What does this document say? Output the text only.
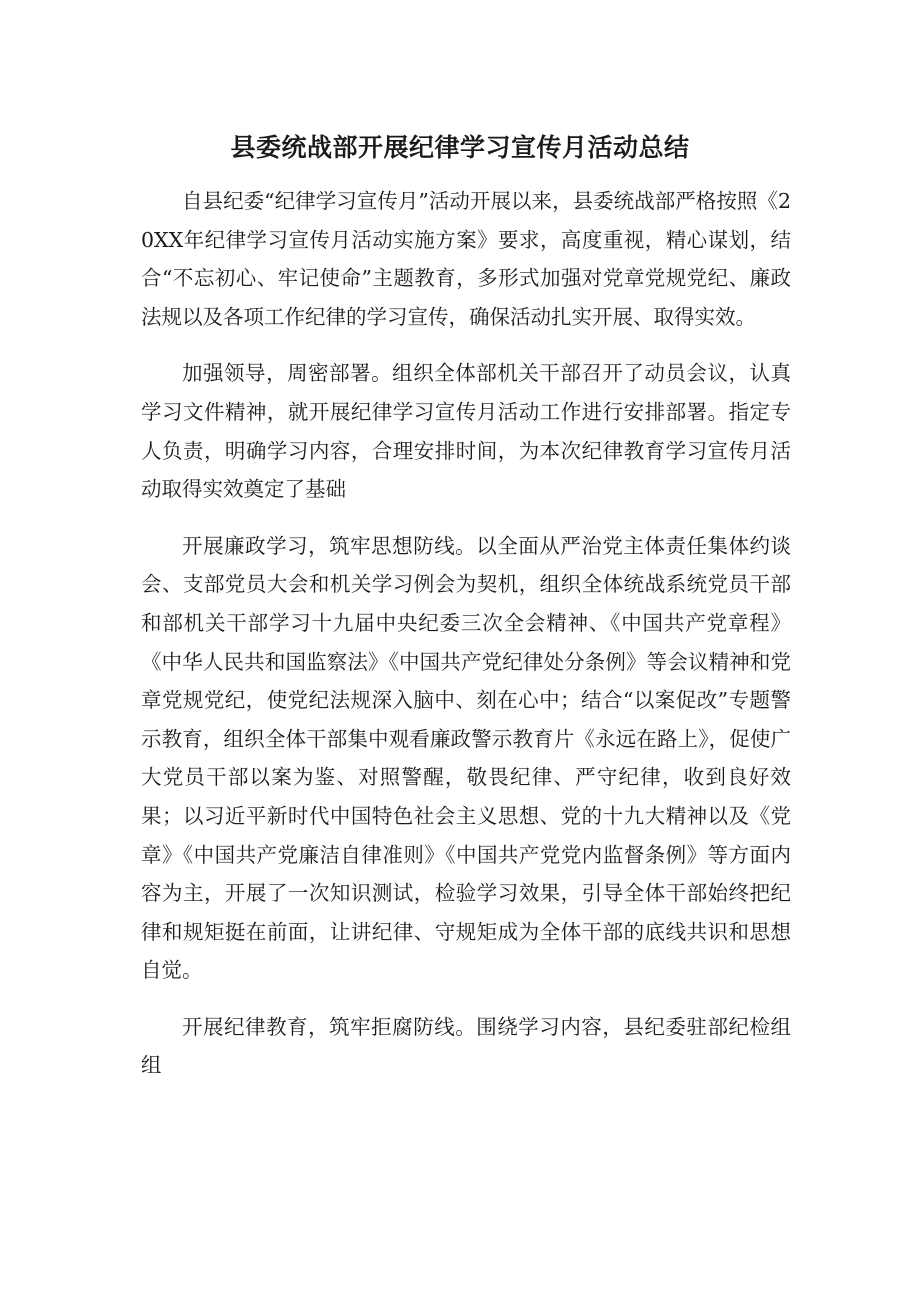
县委统战部开展纪律学习宣传月活动总结

自县纪委“纪律学习宣传月”活动开展以来，县委统战部严格按照《20XX年纪律学习宣传月活动实施方案》要求，高度重视，精心谋划，结合“不忘初心、牢记使命”主题教育，多形式加强对党章党规党纪、廉政法规以及各项工作纪律的学习宣传，确保活动扎实开展、取得实效。

加强领导，周密部署。组织全体部机关干部召开了动员会议，认真学习文件精神，就开展纪律学习宣传月活动工作进行安排部署。指定专人负责，明确学习内容，合理安排时间，为本次纪律教育学习宣传月活动取得实效奠定了基础

开展廉政学习，筑牢思想防线。以全面从严治党主体责任集体约谈会、支部党员大会和机关学习例会为契机，组织全体统战系统党员干部和部机关干部学习十九届中央纪委三次全会精神、《中国共产党章程》《中华人民共和国监察法》《中国共产党纪律处分条例》等会议精神和党章党规党纪，使党纪法规深入脑中、刻在心中；结合“以案促改”专题警示教育，组织全体干部集中观看廉政警示教育片《永远在路上》，促使广大党员干部以案为鉴、对照警醒，敬畏纪律、严守纪律，收到良好效果；以习近平新时代中国特色社会主义思想、党的十九大精神以及《党章》《中国共产党廉洁自律准则》《中国共产党党内监督条例》等方面内容为主，开展了一次知识测试，检验学习效果，引导全体干部始终把纪律和规矩挺在前面，让讲纪律、守规矩成为全体干部的底线共识和思想自觉。

开展纪律教育，筑牢拒腐防线。围绕学习内容，县纪委驻部纪检组组
